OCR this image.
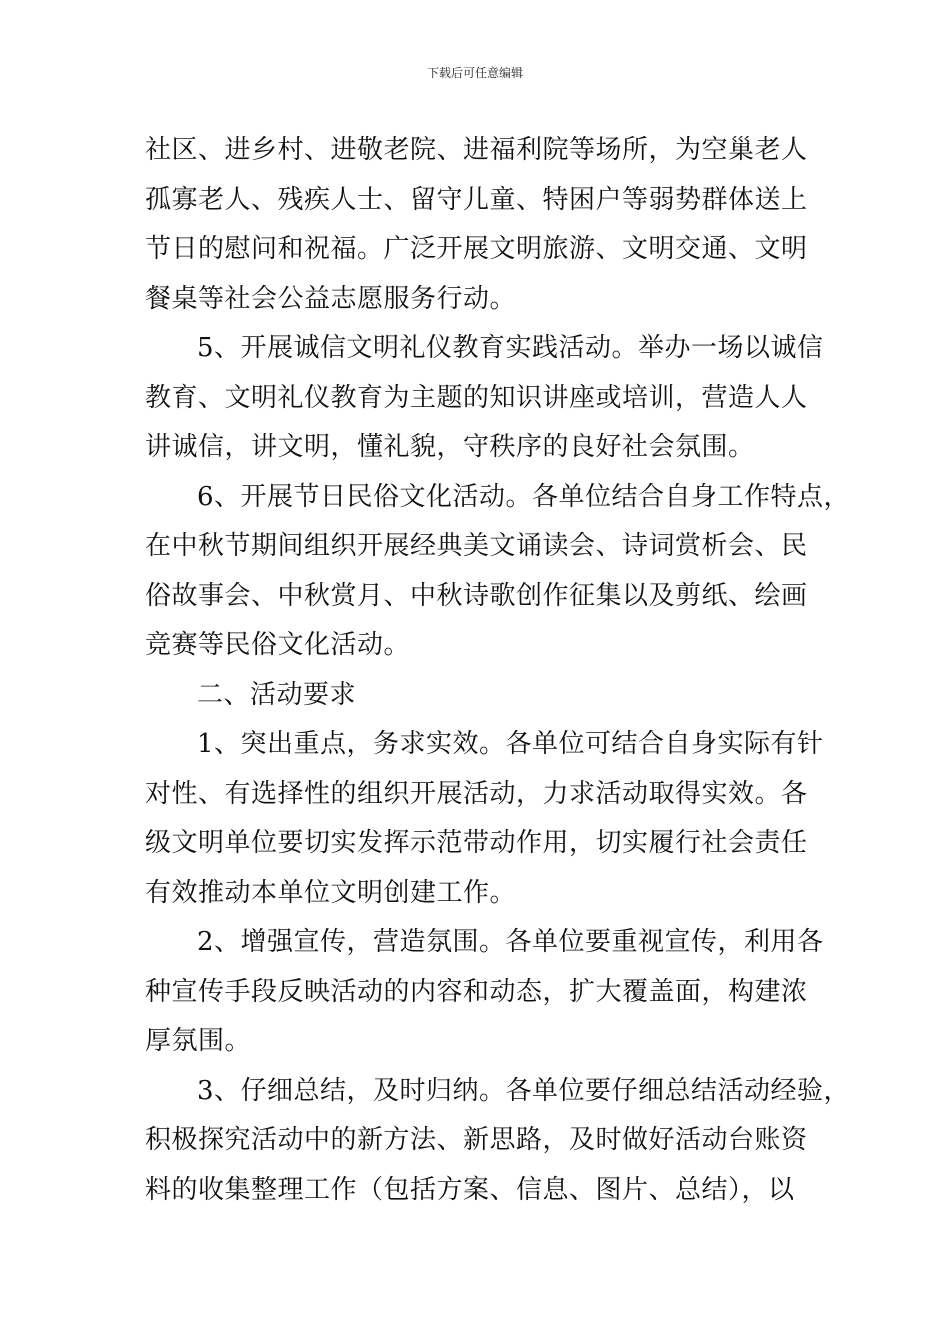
下载后可任意编辑
社区、进乡村、进敬老院、进福利院等场所，为空巢老人
孤寡老人、残疾人士、留守儿童、特困户等弱势群体送上
节日的慰问和祝福。广泛开展文明旅游、文明交通、文明
餐桌等社会公益志愿服务行动。
5、开展诚信文明礼仪教育实践活动。举办一场以诚信
教育、文明礼仪教育为主题的知识讲座或培训，营造人人
讲诚信，讲文明，懂礼貌，守秩序的良好社会氛围。
6、开展节日民俗文化活动。各单位结合自身工作特点，
在中秋节期间组织开展经典美文诵读会、诗词赏析会、民
俗故事会、中秋赏月、中秋诗歌创作征集以及剪纸、绘画
竞赛等民俗文化活动。
二、活动要求
1、突出重点，务求实效。各单位可结合自身实际有针
对性、有选择性的组织开展活动，力求活动取得实效。各
级文明单位要切实发挥示范带动作用，切实履行社会责任
有效推动本单位文明创建工作。
2、增强宣传，营造氛围。各单位要重视宣传，利用各
种宣传手段反映活动的内容和动态，扩大覆盖面，构建浓
厚氛围。
3、仔细总结，及时归纳。各单位要仔细总结活动经验，
积极探究活动中的新方法、新思路，及时做好活动台账资
料的收集整理工作（包括方案、信息、图片、总结），以
